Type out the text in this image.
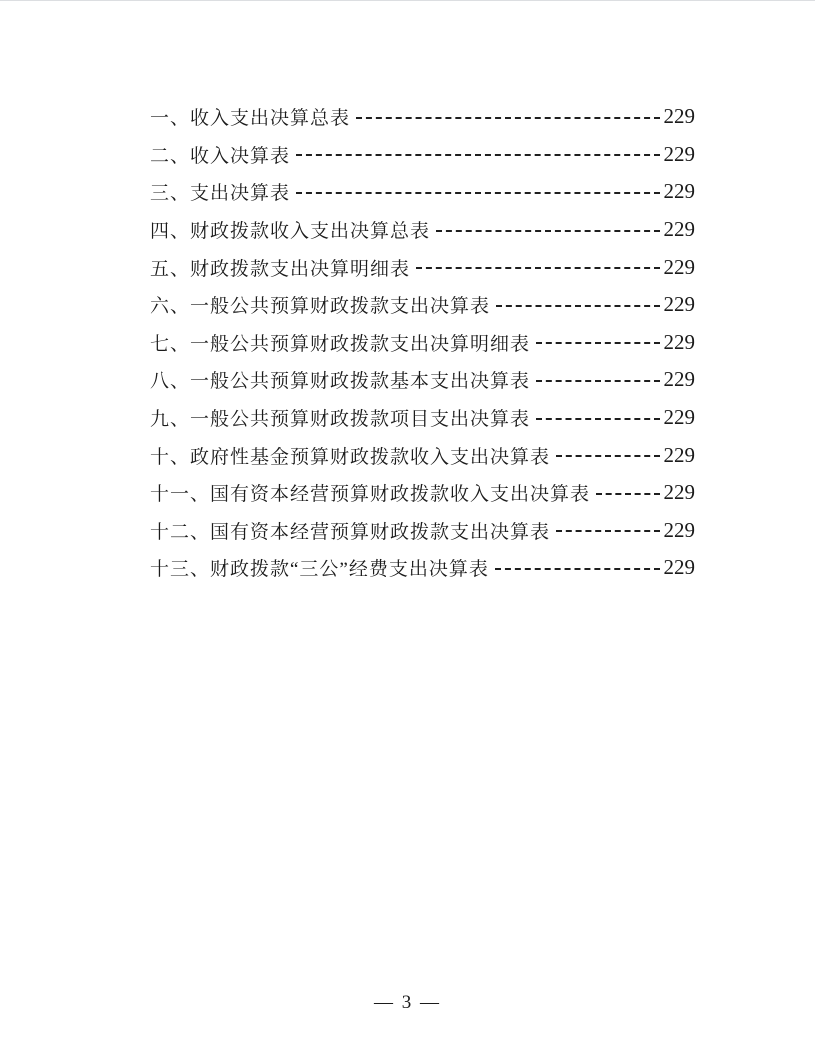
一、收入支出决算总表	229
二、收入决算表	229
三、支出决算表	229
四、财政拨款收入支出决算总表	229
五、财政拨款支出决算明细表	229
六、一般公共预算财政拨款支出决算表	229
七、一般公共预算财政拨款支出决算明细表	229
八、一般公共预算财政拨款基本支出决算表	229
九、一般公共预算财政拨款项目支出决算表	229
十、政府性基金预算财政拨款收入支出决算表	229
十一、国有资本经营预算财政拨款收入支出决算表	229
十二、国有资本经营预算财政拨款支出决算表	229
十三、财政拨款“三公”经费支出决算表	229
— 3 —
